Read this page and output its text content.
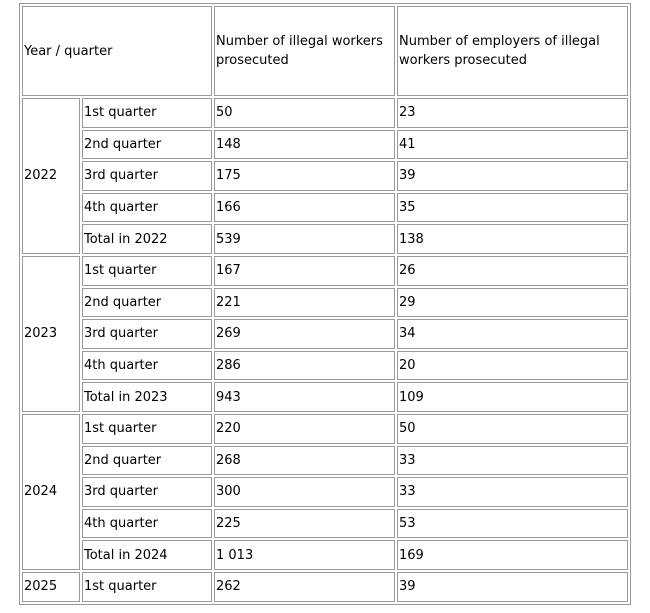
Year / quarter		Number of illegal workers prosecuted	Number of employers of illegal workers prosecuted
2022	1st quarter	50	23
	2nd quarter	148	41
	3rd quarter	175	39
	4th quarter	166	35
	Total in 2022	539	138
2023	1st quarter	167	26
	2nd quarter	221	29
	3rd quarter	269	34
	4th quarter	286	20
	Total in 2023	943	109
2024	1st quarter	220	50
	2nd quarter	268	33
	3rd quarter	300	33
	4th quarter	225	53
	Total in 2024	1 013	169
2025	1st quarter	262	39
